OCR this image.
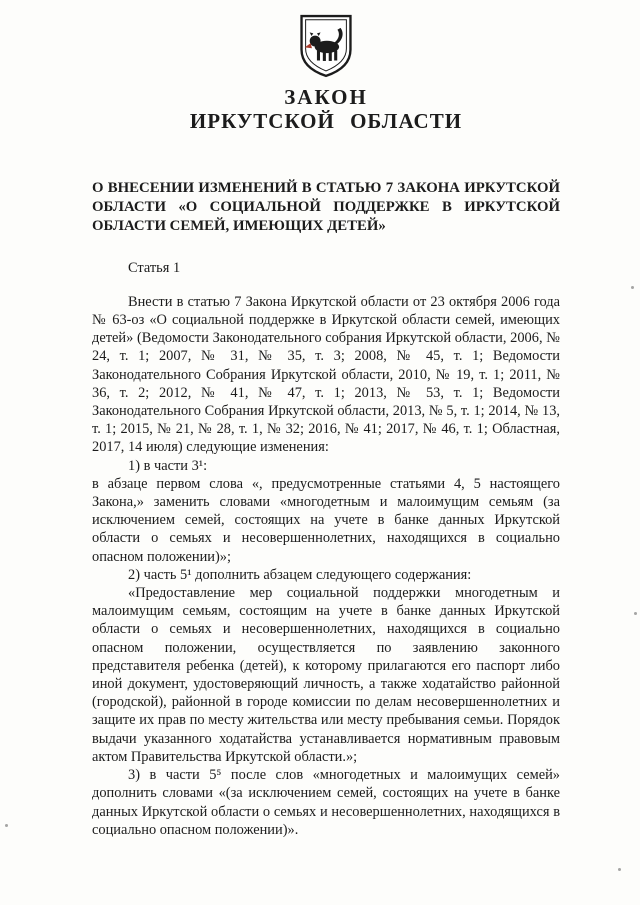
ЗАКОН
ИРКУТСКОЙ ОБЛАСТИ

О ВНЕСЕНИИ ИЗМЕНЕНИЙ В СТАТЬЮ 7 ЗАКОНА ИРКУТСКОЙ ОБЛАСТИ «О СОЦИАЛЬНОЙ ПОДДЕРЖКЕ В ИРКУТСКОЙ ОБЛАСТИ СЕМЕЙ, ИМЕЮЩИХ ДЕТЕЙ»

Статья 1

Внести в статью 7 Закона Иркутской области от 23 октября 2006 года № 63-оз «О социальной поддержке в Иркутской области семей, имеющих детей» (Ведомости Законодательного собрания Иркутской области, 2006, № 24, т. 1; 2007, № 31, № 35, т. 3; 2008, № 45, т. 1; Ведомости Законодательного Собрания Иркутской области, 2010, № 19, т. 1; 2011, № 36, т. 2; 2012, № 41, № 47, т. 1; 2013, № 53, т. 1; Ведомости Законодательного Собрания Иркутской области, 2013, № 5, т. 1; 2014, № 13, т. 1; 2015, № 21, № 28, т. 1, № 32; 2016, № 41; 2017, № 46, т. 1; Областная, 2017, 14 июля) следующие изменения:

1) в части 3¹:

в абзаце первом слова «, предусмотренные статьями 4, 5 настоящего Закона,» заменить словами «многодетным и малоимущим семьям (за исключением семей, состоящих на учете в банке данных Иркутской области о семьях и несовершеннолетних, находящихся в социально опасном положении)»;

2) часть 5¹ дополнить абзацем следующего содержания:

«Предоставление мер социальной поддержки многодетным и малоимущим семьям, состоящим на учете в банке данных Иркутской области о семьях и несовершеннолетних, находящихся в социально опасном положении, осуществляется по заявлению законного представителя ребенка (детей), к которому прилагаются его паспорт либо иной документ, удостоверяющий личность, а также ходатайство районной (городской), районной в городе комиссии по делам несовершеннолетних и защите их прав по месту жительства или месту пребывания семьи. Порядок выдачи указанного ходатайства устанавливается нормативным правовым актом Правительства Иркутской области.»;

3) в части 5⁵ после слов «многодетных и малоимущих семей» дополнить словами «(за исключением семей, состоящих на учете в банке данных Иркутской области о семьях и несовершеннолетних, находящихся в социально опасном положении)».
